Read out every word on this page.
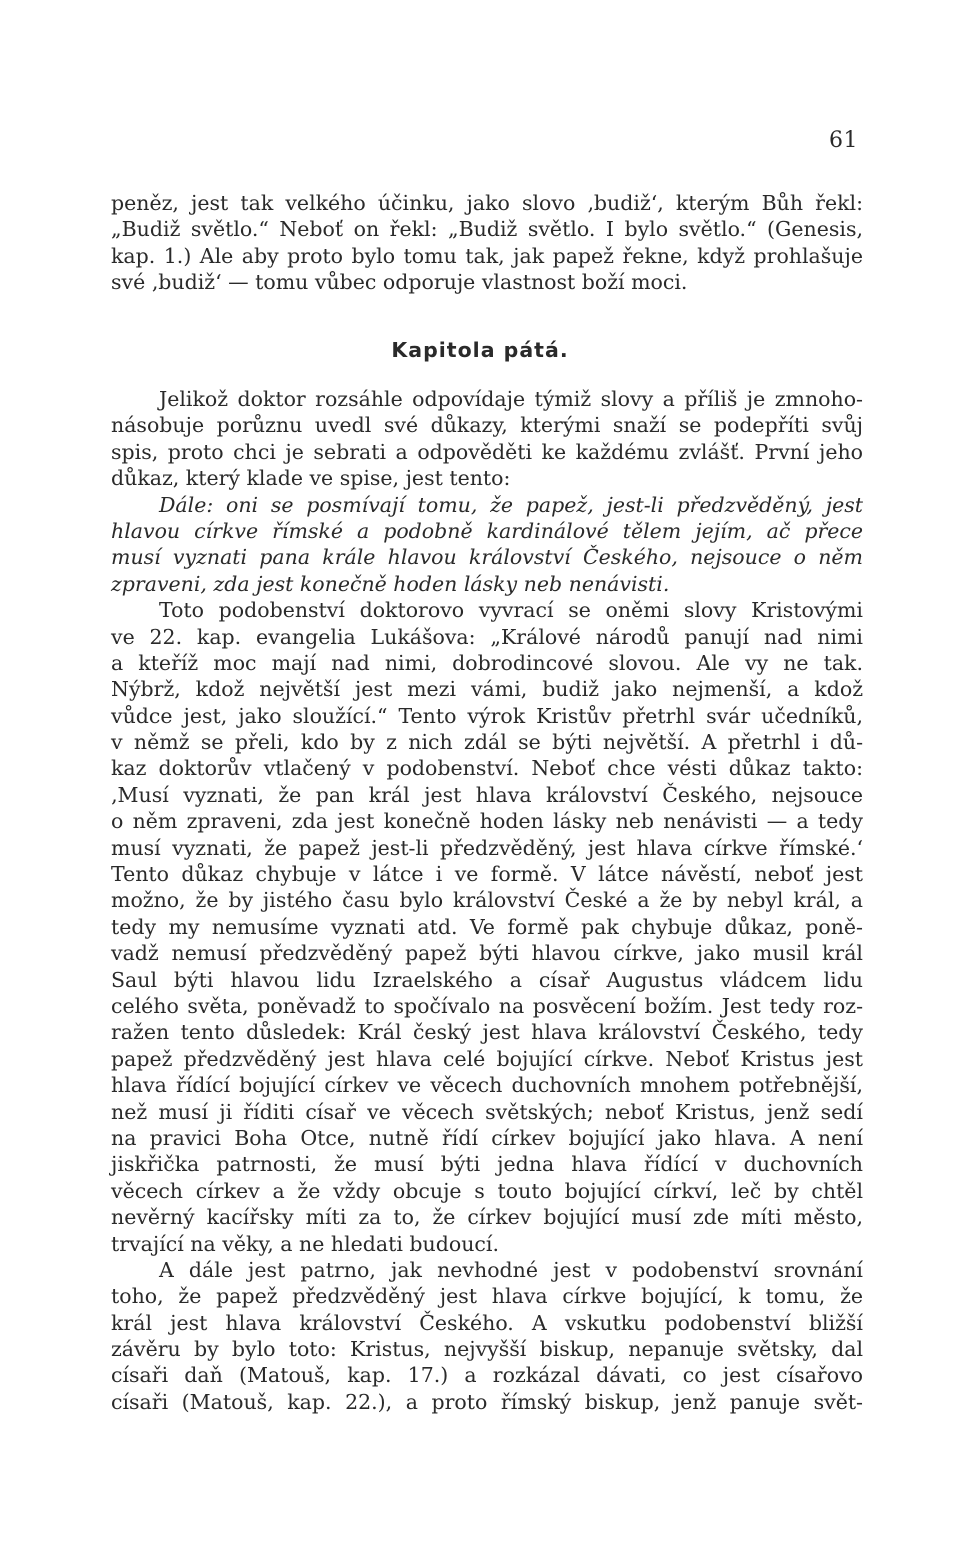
61
peněz, jest tak velkého účinku, jako slovo ‚budiž‘, kterým Bůh řekl:
„Budiž světlo.“ Neboť on řekl: „Budiž světlo. I bylo světlo.“ (Genesis,
kap. 1.) Ale aby proto bylo tomu tak, jak papež řekne, když prohlašuje
své ‚budiž‘ — tomu vůbec odporuje vlastnost boží moci.
Kapitola pátá.
Jelikož doktor rozsáhle odpovídaje týmiž slovy a příliš je zmnoho-
násobuje porůznu uvedl své důkazy, kterými snaží se podepříti svůj
spis, proto chci je sebrati a odpověděti ke každému zvlášť. První jeho
důkaz, který klade ve spise, jest tento:
Dále: oni se posmívají tomu, že papež, jest-li předzvěděný, jest
hlavou církve římské a podobně kardinálové tělem jejím, ač přece
musí vyznati pana krále hlavou království Českého, nejsouce o něm
zpraveni, zda jest konečně hoden lásky neb nenávisti.
Toto podobenství doktorovo vyvrací se oněmi slovy Kristovými
ve 22. kap. evangelia Lukášova: „Králové národů panují nad nimi
a kteříž moc mají nad nimi, dobrodincové slovou. Ale vy ne tak.
Nýbrž, kdož největší jest mezi vámi, budiž jako nejmenší, a kdož
vůdce jest, jako sloužící.“ Tento výrok Kristův přetrhl svár učedníků,
v němž se přeli, kdo by z nich zdál se býti největší. A přetrhl i dů-
kaz doktorův vtlačený v podobenství. Neboť chce vésti důkaz takto:
‚Musí vyznati, že pan král jest hlava království Českého, nejsouce
o něm zpraveni, zda jest konečně hoden lásky neb nenávisti — a tedy
musí vyznati, že papež jest-li předzvěděný, jest hlava církve římské.‘
Tento důkaz chybuje v látce i ve formě. V látce návěstí, neboť jest
možno, že by jistého času bylo království České a že by nebyl král, a
tedy my nemusíme vyznati atd. Ve formě pak chybuje důkaz, poně-
vadž nemusí předzvěděný papež býti hlavou církve, jako musil král
Saul býti hlavou lidu Izraelského a císař Augustus vládcem lidu
celého světa, poněvadž to spočívalo na posvěcení božím. Jest tedy roz-
ražen tento důsledek: Král český jest hlava království Českého, tedy
papež předzvěděný jest hlava celé bojující církve. Neboť Kristus jest
hlava řídící bojující církev ve věcech duchovních mnohem potřebnější,
než musí ji říditi císař ve věcech světských; neboť Kristus, jenž sedí
na pravici Boha Otce, nutně řídí církev bojující jako hlava. A není
jiskřička patrnosti, že musí býti jedna hlava řídící v duchovních
věcech církev a že vždy obcuje s touto bojující církví, leč by chtěl
nevěrný kacířsky míti za to, že církev bojující musí zde míti město,
trvající na věky, a ne hledati budoucí.
A dále jest patrno, jak nevhodné jest v podobenství srovnání
toho, že papež předzvěděný jest hlava církve bojující, k tomu, že
král jest hlava království Českého. A vskutku podobenství bližší
závěru by bylo toto: Kristus, nejvyšší biskup, nepanuje světsky, dal
císaři daň (Matouš, kap. 17.) a rozkázal dávati, co jest císařovo
císaři (Matouš, kap. 22.), a proto římský biskup, jenž panuje svět-
